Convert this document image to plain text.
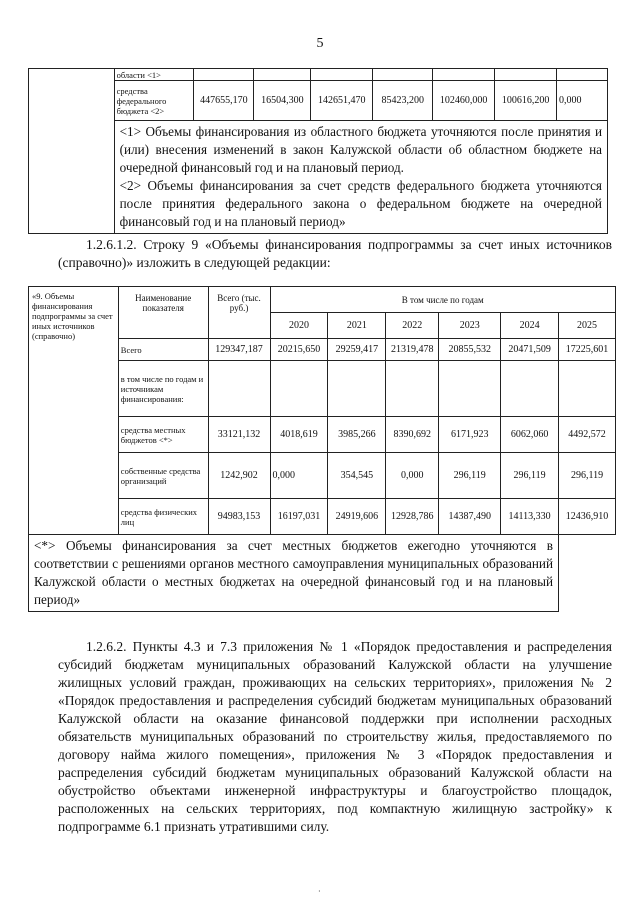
5
	области <1>							
	средства федерального бюджета <2>	447655,170	16504,300	142651,470	85423,200	102460,000	100616,200	0,000

	<1> Объемы финансирования из областного бюджета уточняются после принятия и (или) внесения изменений в закон Калужской области об областном бюджете на очередной финансовый год и на плановый период.
<2> Объемы финансирования за счет средств федерального бюджета уточняются после принятия федерального закона о федеральном бюджете на очередной финансовый год и на плановый период»							
1.2.6.1.2. Строку 9 «Объемы финансирования подпрограммы за счет иных источников (справочно)» изложить в следующей редакции:
«9. Объемы финансирования подпрограммы за счет иных источников (справочно)	Наименование показателя	Всего (тыс. руб.)	В том числе по годам					
			2020	2021	2022	2023	2024	2025
	Всего	129347,187	20215,650	29259,417	21319,478	20855,532	20471,509	17225,601
	в том числе по годам и источникам финансирования:							
	средства местных бюджетов <*>	33121,132	4018,619	3985,266	8390,692	6171,923	6062,060	4492,572
	собственные средства организаций	1242,902	0,000	354,545	0,000	296,119	296,119	296,119
	средства физических лиц	94983,153	16197,031	24919,606	12928,786	14387,490	14113,330	12436,910
<*> Объемы финансирования за счет местных бюджетов ежегодно уточняются в соответствии с решениями органов местного самоуправления муниципальных образований Калужской области о местных бюджетах на очередной финансовый год и на плановый период»								
1.2.6.2. Пункты 4.3 и 7.3 приложения № 1 «Порядок предоставления и распределения субсидий бюджетам муниципальных образований Калужской области на улучшение жилищных условий граждан, проживающих на сельских территориях», приложения № 2 «Порядок предоставления и распределения субсидий бюджетам муниципальных образований Калужской области на оказание финансовой поддержки при исполнении расходных обязательств муниципальных образований по строительству жилья, предоставляемого по договору найма жилого помещения», приложения № 3 «Порядок предоставления и распределения субсидий бюджетам муниципальных образований Калужской области на обустройство объектами инженерной инфраструктуры и благоустройство площадок, расположенных на сельских территориях, под компактную жилищную застройку» к подпрограмме 6.1 признать утратившими силу.
·
